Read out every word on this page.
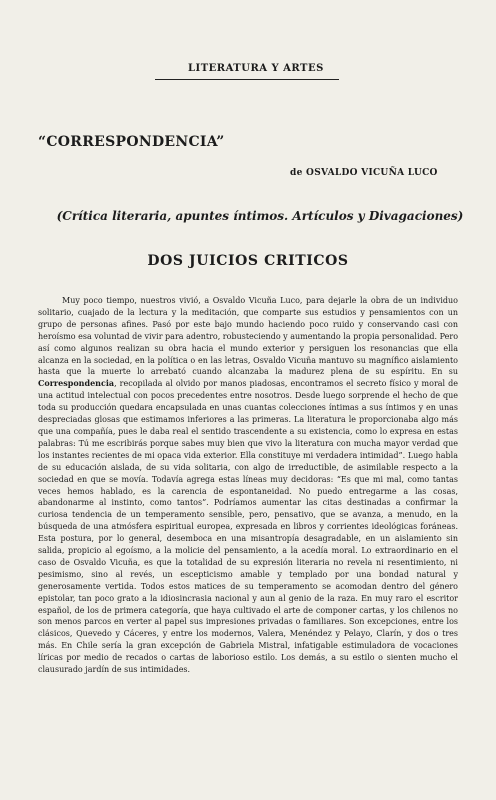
LITERATURA Y ARTES
“CORRESPONDENCIA”
de OSVALDO VICUÑA LUCO
(Crítica literaria, apuntes íntimos. Artículos y Divagaciones)
DOS JUICIOS CRITICOS
Muy poco tiempo, nuestros vivió, a Osvaldo Vicuña Luco, para dejarle la obra de un individuo solitario, cuajado de la lectura y la meditación, que comparte sus estudios y pensamientos con un grupo de personas afines. Pasó por este bajo mundo haciendo poco ruido y conservando casi con heroísmo esa voluntad de vivir para adentro, robusteciendo y aumentando la propia personalidad. Pero así como algunos realizan su obra hacia el mundo exterior y persiguen los resonancias que ella alcanza en la sociedad, en la política o en las letras, Osvaldo Vicuña mantuvo su magnífico aislamiento hasta que la muerte lo arrebató cuando alcanzaba la madurez plena de su espíritu. En su Correspondencia, recopilada al olvido por manos piadosas, encontramos el secreto físico y moral de una actitud intelectual con pocos precedentes entre nosotros. Desde luego sorprende el hecho de que toda su producción quedara encapsulada en unas cuantas colecciones íntimas a sus íntimos y en unas despreciadas glosas que estimamos inferiores a las primeras. La literatura le proporcionaba algo más que una compañía, pues le daba real el sentido trascendente a su existencia, como lo expresa en estas palabras: Tú me escribirás porque sabes muy bien que vivo la literatura con mucha mayor verdad que los instantes recientes de mi opaca vida exterior. Ella constituye mi verdadera intimidad”. Luego habla de su educación aislada, de su vida solitaria, con algo de irreductible, de asimilable respecto a la sociedad en que se movía. Todavía agrega estas líneas muy decidoras: “Es que mi mal, como tantas veces hemos hablado, es la carencia de espontaneidad. No puedo entregarme a las cosas, abandonarme al instinto, como tantos”. Podríamos aumentar las citas destinadas a confirmar la curiosa tendencia de un temperamento sensible, pero, pensativo, que se avanza, a menudo, en la búsqueda de una atmósfera espiritual europea, expresada en libros y corrientes ideológicas foráneas. Esta postura, por lo general, desemboca en una misantropía desagradable, en un aislamiento sin salida, propicio al egoísmo, a la molicie del pensamiento, a la acedía moral. Lo extraordinario en el caso de Osvaldo Vicuña, es que la totalidad de su expresión literaria no revela ni resentimiento, ni pesimismo, sino al revés, un escepticismo amable y templado por una bondad natural y generosamente vertida. Todos estos matices de su temperamento se acomodan dentro del género epistolar, tan poco grato a la idiosincrasia nacional y aun al genio de la raza. En muy raro el escritor español, de los de primera categoría, que haya cultivado el arte de componer cartas, y los chilenos no son menos parcos en verter al papel sus impresiones privadas o familiares. Son excepciones, entre los clásicos, Quevedo y Cáceres, y entre los modernos, Valera, Menéndez y Pelayo, Clarín, y dos o tres más. En Chile sería la gran excepción de Gabriela Mistral, infatigable estimuladora de vocaciones líricas por medio de recados o cartas de laborioso estilo. Los demás, a su estilo o sienten mucho el clausurado jardín de sus intimidades.
